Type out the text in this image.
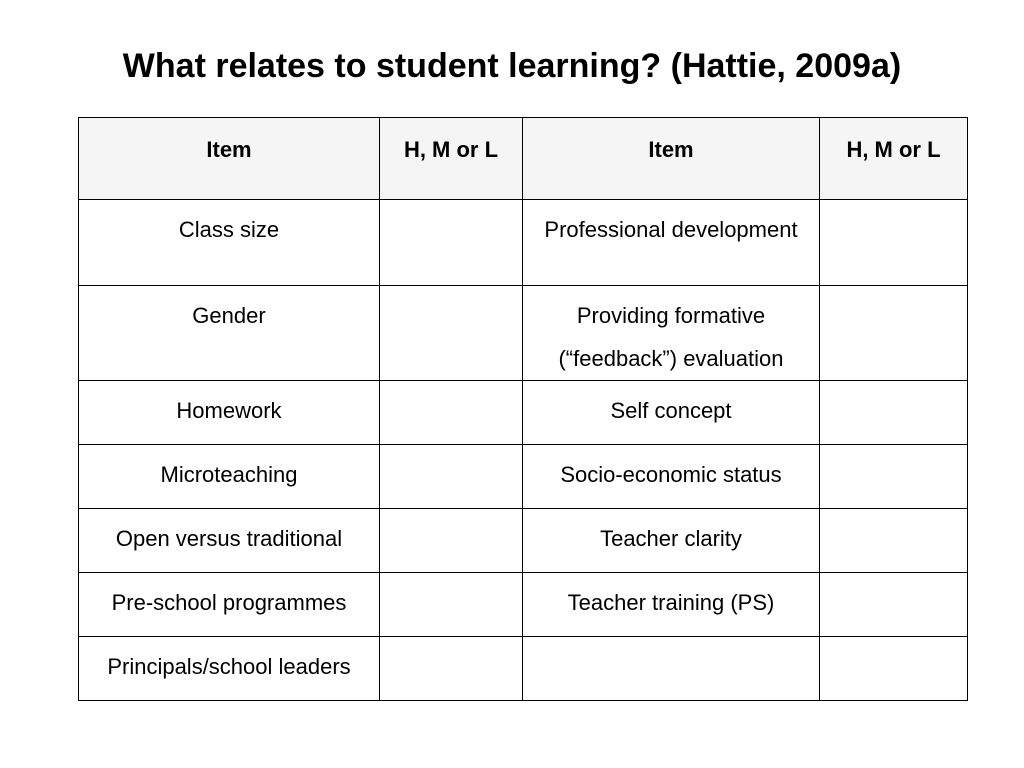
What relates to student learning? (Hattie, 2009a)
Item	H, M or L	Item	H, M or L
Class size		Professional development	
Gender		Providing formative (“feedback”) evaluation	
Homework		Self concept	
Microteaching		Socio-economic status	
Open versus traditional		Teacher clarity	
Pre-school programmes		Teacher training (PS)	
Principals/school leaders			
